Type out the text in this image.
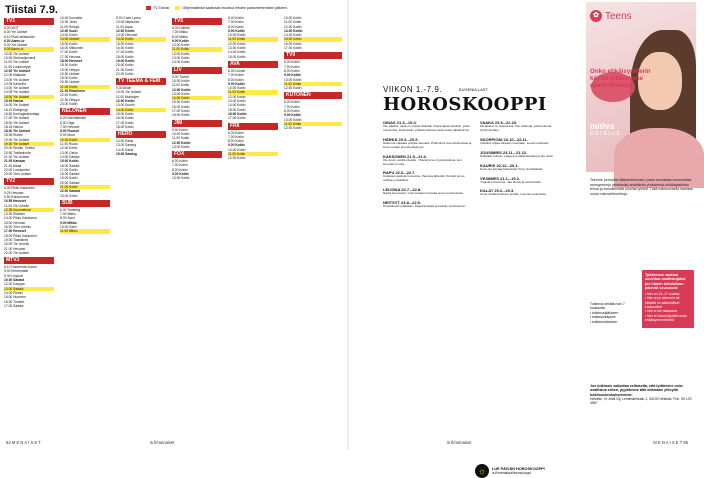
Tiistai 7.9.	TV-Tickrar	Ohjelmatiedot saattavat muuttua lehden painomenemisen jälkeen.
TV1
5.00 MOT
6.00 Yle Uutiset
6.10 Puoli seitsemän
6.30 Aamu-tv
9.00 Yle Uutiset
9.05 Aamu-tv
10.00 Yle Uutiset
10.05 Strömsöjenterit
11.00 Yle Uutiset
11.05 Luontomyyri
12.00 Yle Uutiset
12.05 Matkalla
13.00 Yle Uutiset
13.05 Kaverilla
14.00 Yle Uutiset
14.05 Yle Uutiset
15.00 Yle Uutiset
15.05 Hanna
16.00 Yle Uutiset
16.10 Eläinjengi
16.50 Kuningaskuluttaja
17.00 Yle Uutiset
18.00 Yle Uutiset
18.15 Hanna
18.30 Yle Uutiset
18.35 Ruotsi
19.00 Yle Uutiset
19.30 Yle Uutiset
20.00 Sinulle, Sveitsi
20.50 Tositarinoita
21.00 Yle Uutiset
21.05 Kansaa
21.40 Aikaa
22.00 Luontoretki
23.00 Ylen Uutiset
TV2
6.00 Pikku Kakkonen
9.25 Hevoset
9.50 Ruutuhuone
10.55 Hevoset
11.00 Yle Urheilu
12.35 Kuunnelmat
13.30 Eläinten
14.00 Pikku Kakkonen
15.00 Hevoset
16.00 Ylen Urheilu
17.00 Hevoset
18.00 Pikku Kakkonen
19.00 Tosielämä
20.00 Yle Urheilu
21.00 Hevoset
22.00 Yle Uutiset
MTV3
6.10 Huomenta Suomi
9.00 Emmerdale
9.30 Leijonat
10.00 Salatut
12.00 Kauppa
13.00 Salatut
14.00 Pienet
15.00 Huomen
16.00 Tunteet
17.00 Salatut
10.00 Kuuntele
10.30 Jenni
11.00 Helppo
12.00 Suuri
13.00 Kotiin
14.00 Uutiset
15.00 Kotiin
16.00 Mikkonen
17.00 Kotiin
17.30 Hevosa
18.00 Hevoset
18.30 Kotiin
19.00 Helppo
19.30 Uutiset
20.00 Kotiin
20.30 Uutiset
21.00 Kotiin
21.30 Rikollinen
22.00 Kotiin
22.30 Helppo
23.00 Kotiin
NELONEN
6.00 Kahvilaboksi
6.30 Olga
7.00 Hevoset
8.00 Ruusut
9.00 Muut
10.00 Kotiin
11.00 Ruutu
12.00 Kotiin
13.00 Ostos
14.00 Salatut
15.00 Kotiin
16.00 Salatut
17.00 Kotiin
18.00 Salatut
19.00 Kotiin
20.00 Salatut
21.00 Kotiin
22.00 Salatut
23.00 Kotiin
SUB
6.00 Tomberg
7.00 Mikko
8.00 Sami
9.00 Mikko
10.00 Sami
11.00 Mikko
9.20 Code Lyoko
10.00 Neptunes
11.00 Aqua
12.00 Kotiin
13.00 Hevoset
14.00 Kotiin
15.00 Kotiin
16.00 Kotiin
17.00 Kotiin
18.00 Kotiin
19.00 Kotiin
20.00 Kotiin
21.00 Kotiin
22.00 Kotiin
TV TEEMA & FEM
9.30 Avain
10.00 Yle Uutiset
11.00 Muistojen
12.00 Kotiin
13.00 Suurin
14.00 Kotiin
15.00 Kotiin
16.00 Kotiin
17.00 Kotiin
18.00 Kotiin
HERO
12.00 Kaksi
13.00 Sawing
14.00 Kaksi
15.00 Sawing
TV5
6.00 Uutiset
7.00 Mikko
8.00 Mikko
9.00 Kotiin
10.00 Kotiin
11.00 Kotiin
12.00 Kotiin
13.00 Kotiin
14.00 Kotiin
LIV
9.00 Toverit
10.00 Kotiin
11.00 Kotiin
12.00 Kotiin
13.00 Kotiin
14.00 Kotiin
15.00 Kotiin
16.00 Kotiin
17.00 Kotiin
18.00 Kotiin
JIM
9.00 Kotiin
10.00 Kotiin
11.00 Kotiin
12.00 Kotiin
13.00 Kotiin
FOX
6.00 Kotiin
7.00 Kotiin
8.00 Kotiin
9.00 Kotiin
10.00 Kotiin
6.40 Kotiin
7.00 Kotiin
8.00 Kotiin
9.00 Kotiin
10.00 Kotiin
11.00 Kotiin
12.00 Kotiin
13.00 Kotiin
14.00 Kotiin
15.00 Kotiin
AVA
6.00 Leonie
7.00 Kotiin
8.00 Kotiin
9.00 Kotiin
10.00 Kotiin
11.00 Kotiin
12.00 Kotiin
13.00 Kotiin
14.00 Kotiin
15.00 Kotiin
16.00 Kotiin
17.00 Kotiin
FRII
6.00 Kotiin
7.00 Kotiin
8.00 Kotiin
9.00 Kotiin
10.00 Kotiin
11.00 Kotiin
12.00 Kotiin
10.00 Kotiin
11.00 Kotiin
12.00 Kotiin
13.00 Kotiin
14.00 Kotiin
15.00 Kotiin
16.00 Kotiin
17.00 Kotiin
TV9
6.00 Kotiin
7.00 Kotiin
8.00 Kotiin
9.00 Kotiin
10.00 Kotiin
11.00 Kotiin
12.00 Kotiin
KUTONEN
6.00 Kotiin
7.00 Kotiin
8.00 Kotiin
9.00 Kotiin
10.00 Kotiin
11.00 Kotiin
12.00 Kotiin
64 M E N A I S E T	is.fi/menaiset
VIIKON 1.-7.9.	EUGENIA LAST
HOROSKOOPPI
OINAS 21.3.–19.4.
Tee päätös, mikä on sinulle tärkeää. Käytä aikasi asioihin, jotka tuovat iloa. Keskustelu ystävän kanssa avaa uusia näkökulmia.
HÄRKÄ 20.4.–20.5.
Rakenna vakaata pohjaa tulevalle. Pidä kiinni suunnitelmistasi ja luota omaan arvostelukykyysi.
KAKSONEN 21.5.–21.6.
Ole avoin uusille ideoille. Yhteistyö tuo hyviä tuloksia, kun kuuntelet muita.
RAPU 22.6.–22.7.
Kotiasiat vaativat huomiota. Panosta läheisiin ihmisiin ja luo rauhaa ympärillesi.
LEIJONA 23.7.–22.8.
Näytä luovuutesi. Uusi projekti innostaa ja tuo tunnustusta.
NEITSYT 23.8.–22.9.
Huolellisuus palkitaan. Järjestä asiasi ja keskity olennaiseen.
VAAKA 23.9.–22.10.
Tasapaino on avainsana. Tee valintoja, jotka tukevat hyvinvointiasi.
SKORPIONI 23.10.–22.11.
Intuitiosi ohjaa oikeaan suuntaan. Luota tunteisiisi.
JOUSIMIES 23.11.–21.12.
Seikkailu kutsuu. Laajenna näkökulmaasi ja opi uutta.
KAURIS 22.12.–20.1.
Kova työ kantaa hedelmää. Pysy sinnikkäänä.
VESIMIES 21.1.–19.2.
Ystävät tuovat iloa. Jaa ideasi ja verkostoidu.
KALAT 20.2.–20.3.
Anna mielikuvituksen lentää. Luovuus kukoistaa.
☼	LUE PÄIVÄN HOROSKOOPPI
is.fi/menaiset/horoskooppi
✿ Teens
Onko ehkäisypillerin käyttö tyttärellene ajankohtaista?
mithra
ESTELLE
Teenme perhallan lääketutkimusta, jossa arvioidaan luonnollisia estrogeeneja (estetrolia) sisältävän yhdistelmä-ehkäisytabletin tehoa ja turvallisuutta nuorilla tytöillä. Tällä tutkimuksella haetaan uusia hoitovaihtoehtoja.
Tyttäresne saattaa soveltua osallistujaksi, jos hänen kohdallaan pätevät seuraavat:
• hän on 12–17 vuotias
• hän on jo aiemmin tai hänellä on säännölliset kuukautiset
• hän ei ole raskaana
• hän ei halua käyttää muita ehkäisymenetelmiä
Tutkimus kestää noin 7 kuukautta.
• tutkimuslääkkeen
• tutkimuskäynnit
• tutkimustuloksen
Jos tutkimus vaikuttaa sellaiselta, että tyttäresne voisi osallistua siihen, pyydämme tätä ottamaan yhteyttä tutkimuskeskukseemme:
Helsinki, Vl. Ahdi Oy, Lehtimäenkatu 1, 00100 Helsinki. Puh. 09 123 4567
is.fi/menaiset	M E N A I S E T 65
